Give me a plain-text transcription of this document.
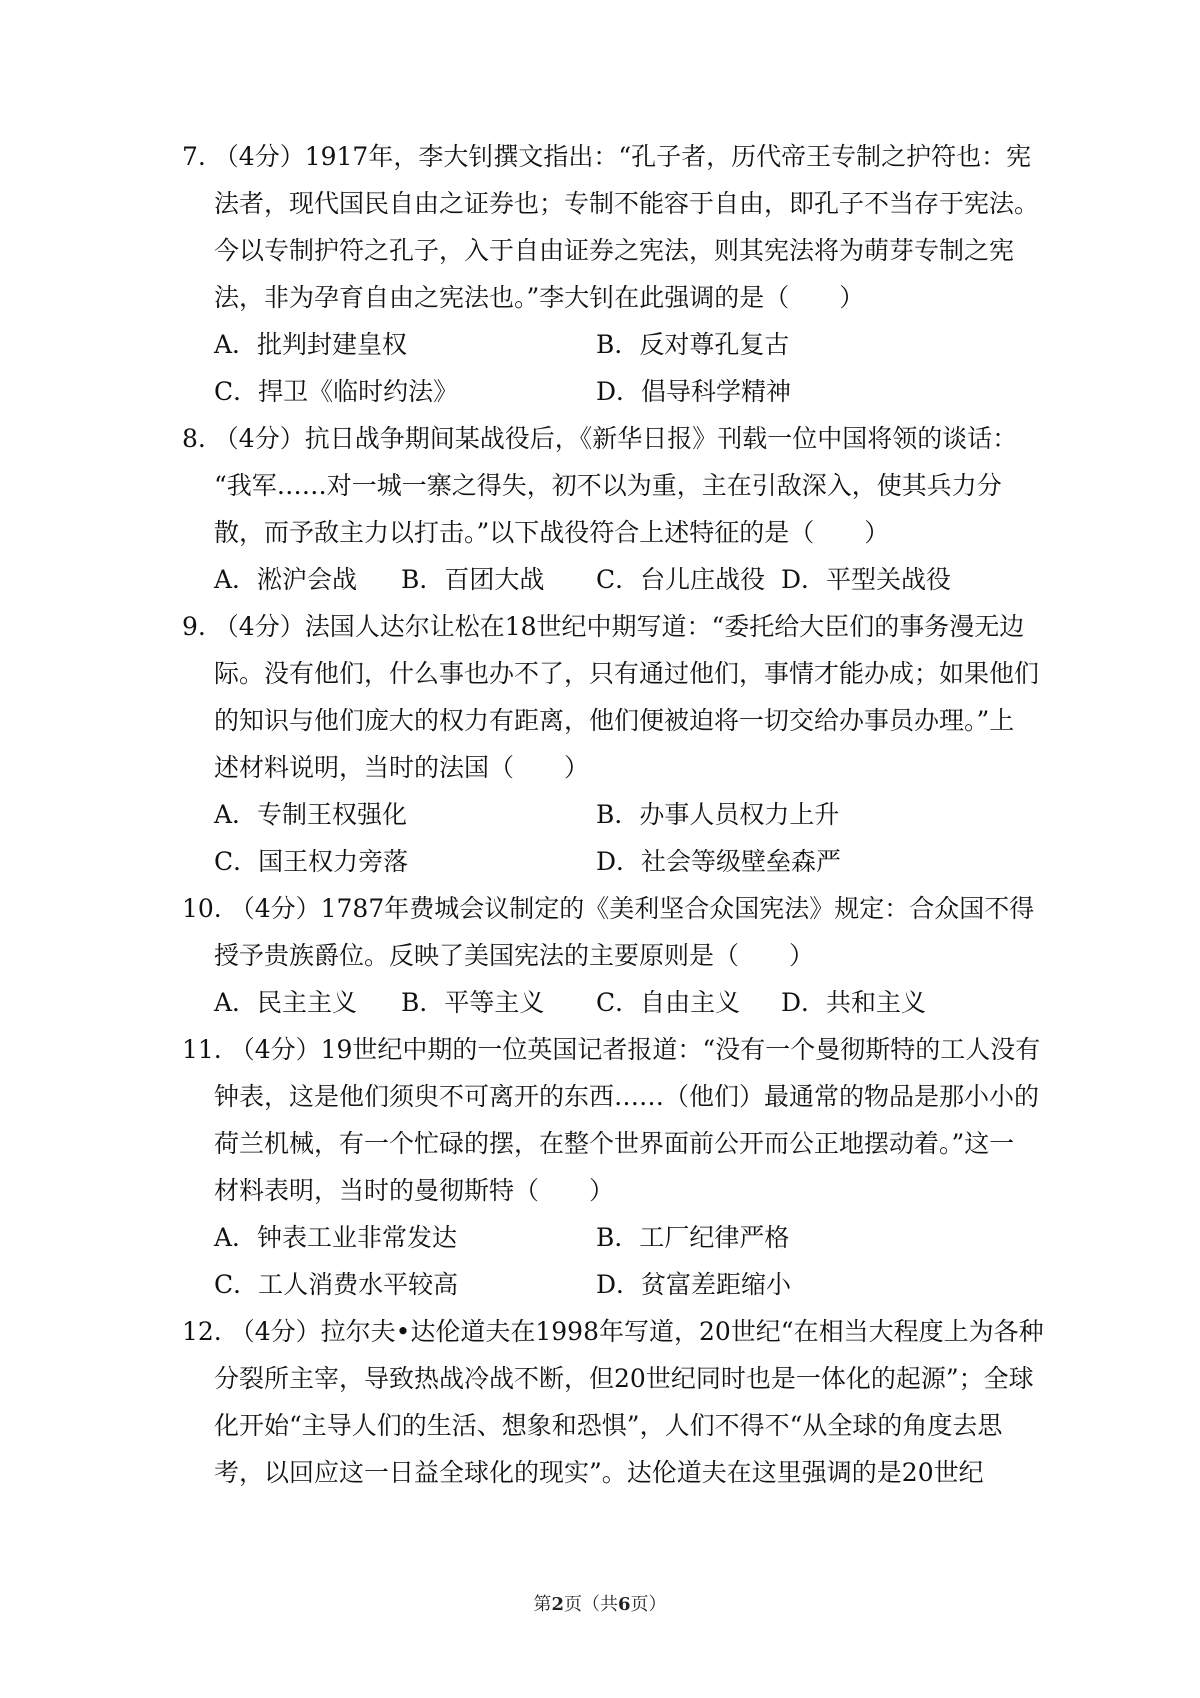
7. （4分）1917年，李大钊撰文指出：“孔子者，历代帝王专制之护符也：宪
法者，现代国民自由之证券也；专制不能容于自由，即孔子不当存于宪法。
今以专制护符之孔子，入于自由证券之宪法，则其宪法将为萌芽专制之宪
法，非为孕育自由之宪法也。”李大钊在此强调的是（　　）
A．批判封建皇权	B．反对尊孔复古
C．捍卫《临时约法》	D．倡导科学精神
8. （4分）抗日战争期间某战役后，《新华日报》刊载一位中国将领的谈话：
“我军……对一城一寨之得失，初不以为重，主在引敌深入，使其兵力分
散，而予敌主力以打击。”以下战役符合上述特征的是（　　）
A．淞沪会战 B．百团大战 C．台儿庄战役 D．平型关战役
9. （4分）法国人达尔让松在18世纪中期写道：“委托给大臣们的事务漫无边
际。没有他们，什么事也办不了，只有通过他们，事情才能办成；如果他们
的知识与他们庞大的权力有距离，他们便被迫将一切交给办事员办理。”上
述材料说明，当时的法国（　　）
A．专制王权强化	B．办事人员权力上升
C．国王权力旁落	D．社会等级壁垒森严
10. （4分）1787年费城会议制定的《美利坚合众国宪法》规定：合众国不得
授予贵族爵位。反映了美国宪法的主要原则是（　　）
A．民主主义 B．平等主义 C．自由主义 D．共和主义
11. （4分）19世纪中期的一位英国记者报道：“没有一个曼彻斯特的工人没有
钟表，这是他们须臾不可离开的东西……（他们）最通常的物品是那小小的
荷兰机械，有一个忙碌的摆，在整个世界面前公开而公正地摆动着。”这一
材料表明，当时的曼彻斯特（　　）
A．钟表工业非常发达	B．工厂纪律严格
C．工人消费水平较高	D．贫富差距缩小
12. （4分）拉尔夫•达伦道夫在1998年写道，20世纪“在相当大程度上为各种
分裂所主宰，导致热战冷战不断，但20世纪同时也是一体化的起源”；全球
化开始“主导人们的生活、想象和恐惧”，人们不得不“从全球的角度去思
考，以回应这一日益全球化的现实”。达伦道夫在这里强调的是20世纪
第2页（共6页）
